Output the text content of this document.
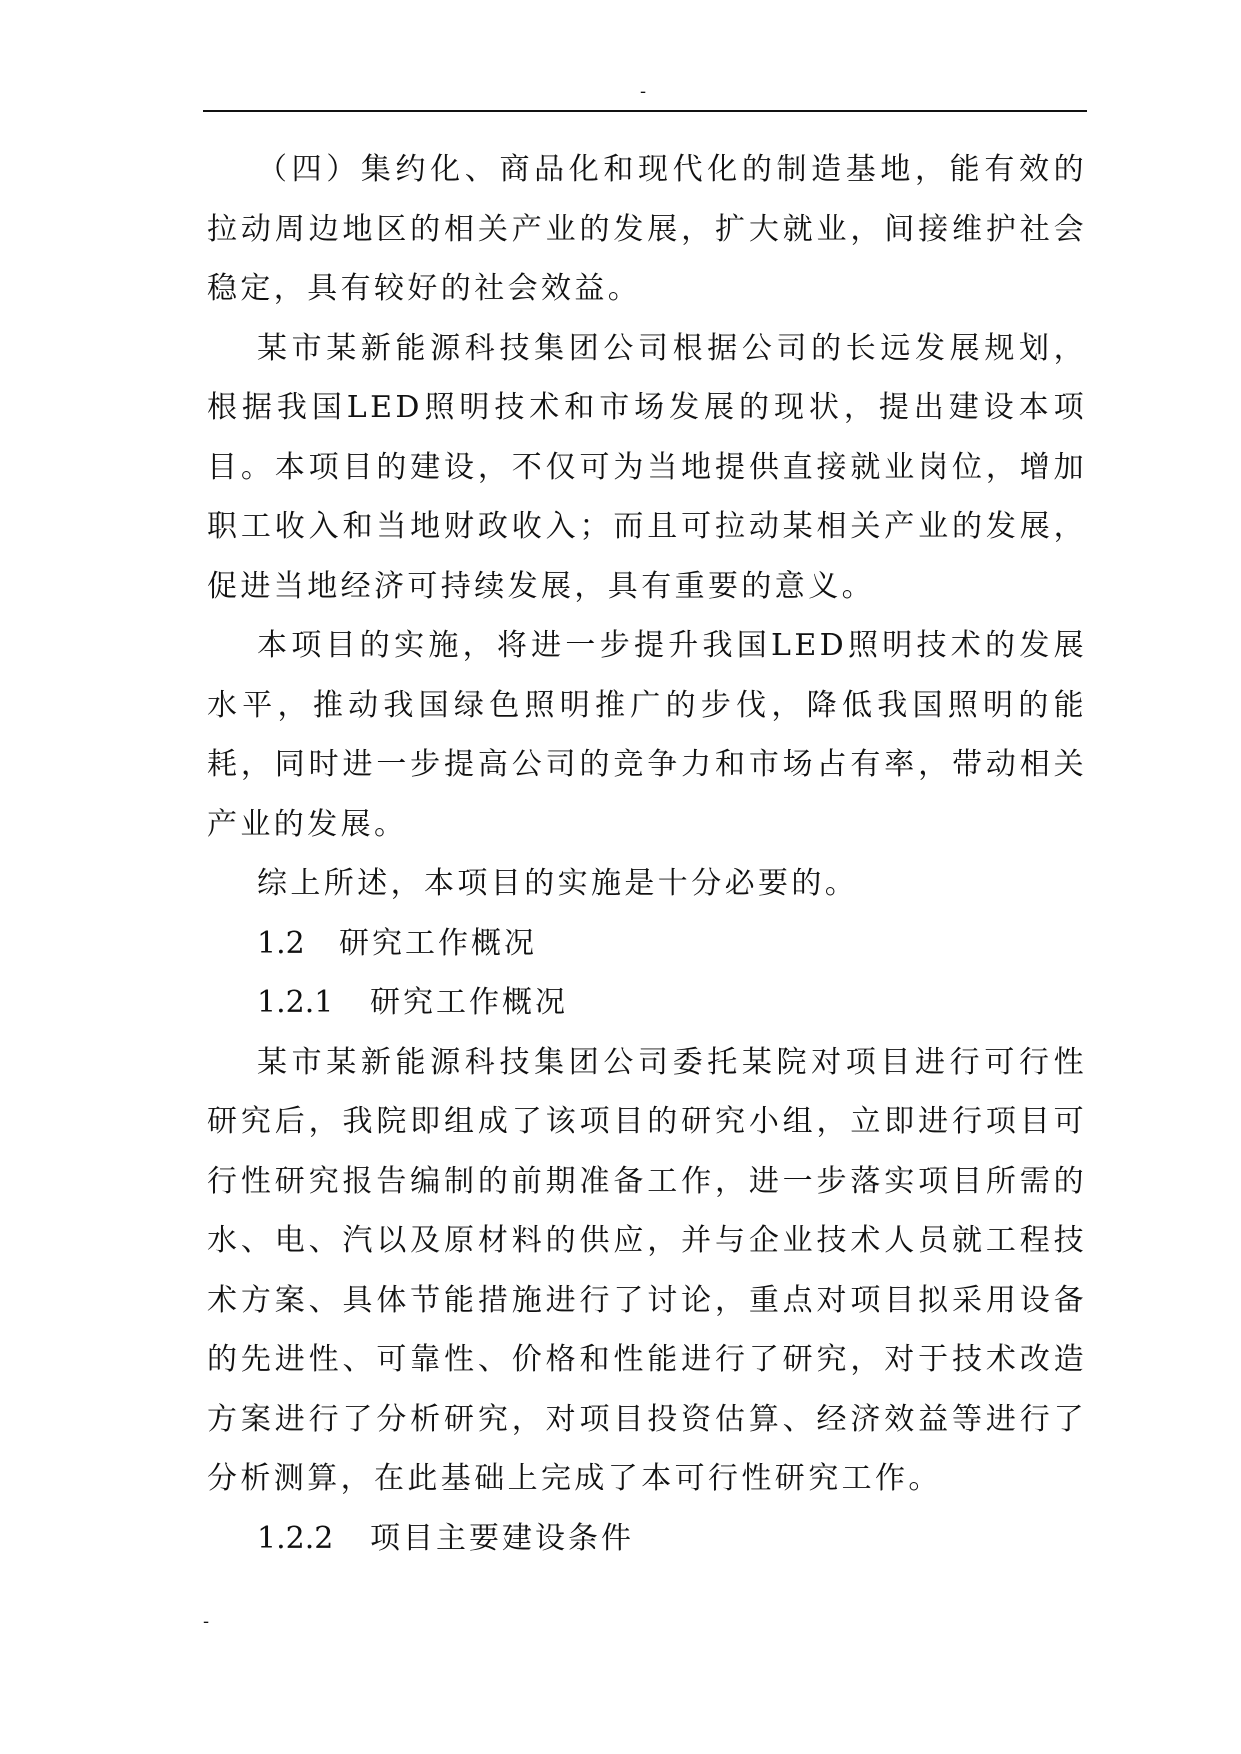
-

（四）集约化、商品化和现代化的制造基地，能有效的拉动周边地区的相关产业的发展，扩大就业，间接维护社会稳定，具有较好的社会效益。

某市某新能源科技集团公司根据公司的长远发展规划，根据我国LED照明技术和市场发展的现状，提出建设本项目。本项目的建设，不仅可为当地提供直接就业岗位，增加职工收入和当地财政收入；而且可拉动某相关产业的发展，促进当地经济可持续发展，具有重要的意义。

本项目的实施，将进一步提升我国LED照明技术的发展水平，推动我国绿色照明推广的步伐，降低我国照明的能耗，同时进一步提高公司的竞争力和市场占有率，带动相关产业的发展。

综上所述，本项目的实施是十分必要的。

1.2 研究工作概况

1.2.1 研究工作概况

某市某新能源科技集团公司委托某院对项目进行可行性研究后，我院即组成了该项目的研究小组，立即进行项目可行性研究报告编制的前期准备工作，进一步落实项目所需的水、电、汽以及原材料的供应，并与企业技术人员就工程技术方案、具体节能措施进行了讨论，重点对项目拟采用设备的先进性、可靠性、价格和性能进行了研究，对于技术改造方案进行了分析研究，对项目投资估算、经济效益等进行了分析测算，在此基础上完成了本可行性研究工作。

1.2.2 项目主要建设条件

-
